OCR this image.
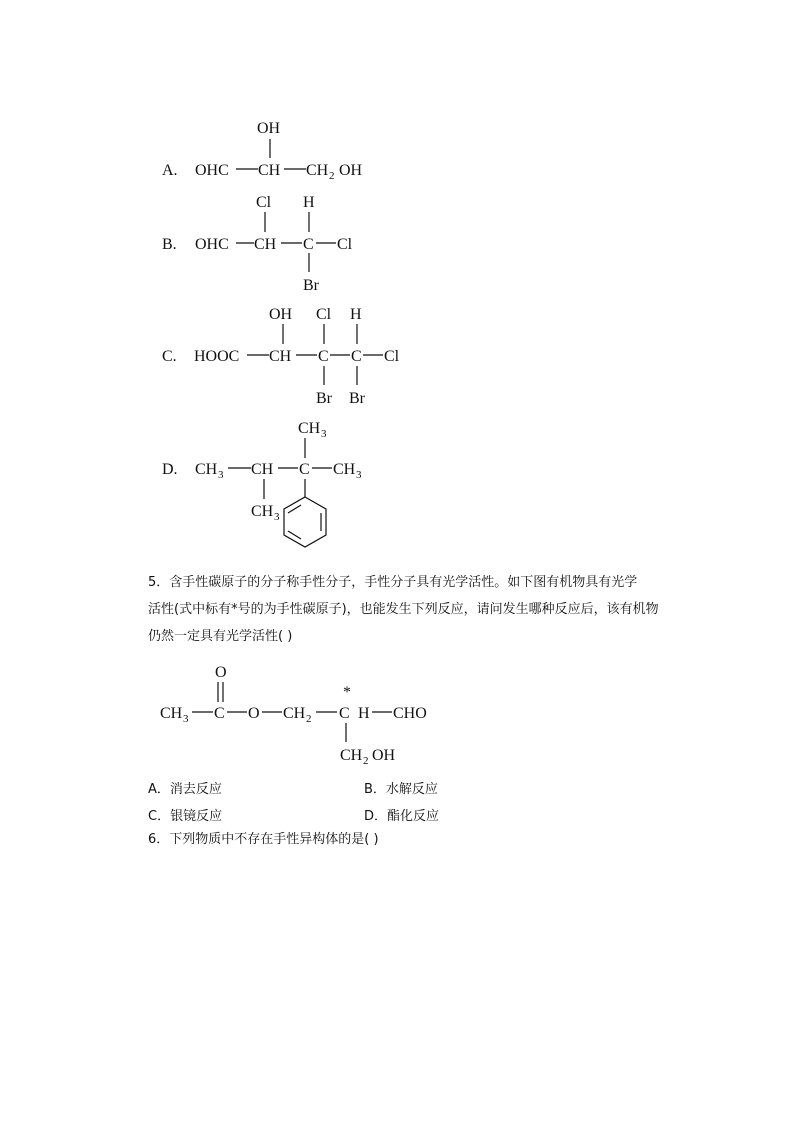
A.
OH
OHC CH CH 2 OH
B.
Cl H
OHC CH C Cl
Br
C.
OH Cl H
HOOC CH C C Cl
Br Br
D.
CH 3
CH 3 CH C CH 3
CH 3
5．含手性碳原子的分子称手性分子，手性分子具有光学活性。如下图有机物具有光学
活性(式中标有*号的为手性碳原子)，也能发生下列反应，请问发生哪种反应后，该有机物
仍然一定具有光学活性( )
O
CH 3 C O CH 2
*
C H CHO
CH 2 OH
A．消去反应	B．水解反应
C．银镜反应	D．酯化反应
6．下列物质中不存在手性异构体的是( )
